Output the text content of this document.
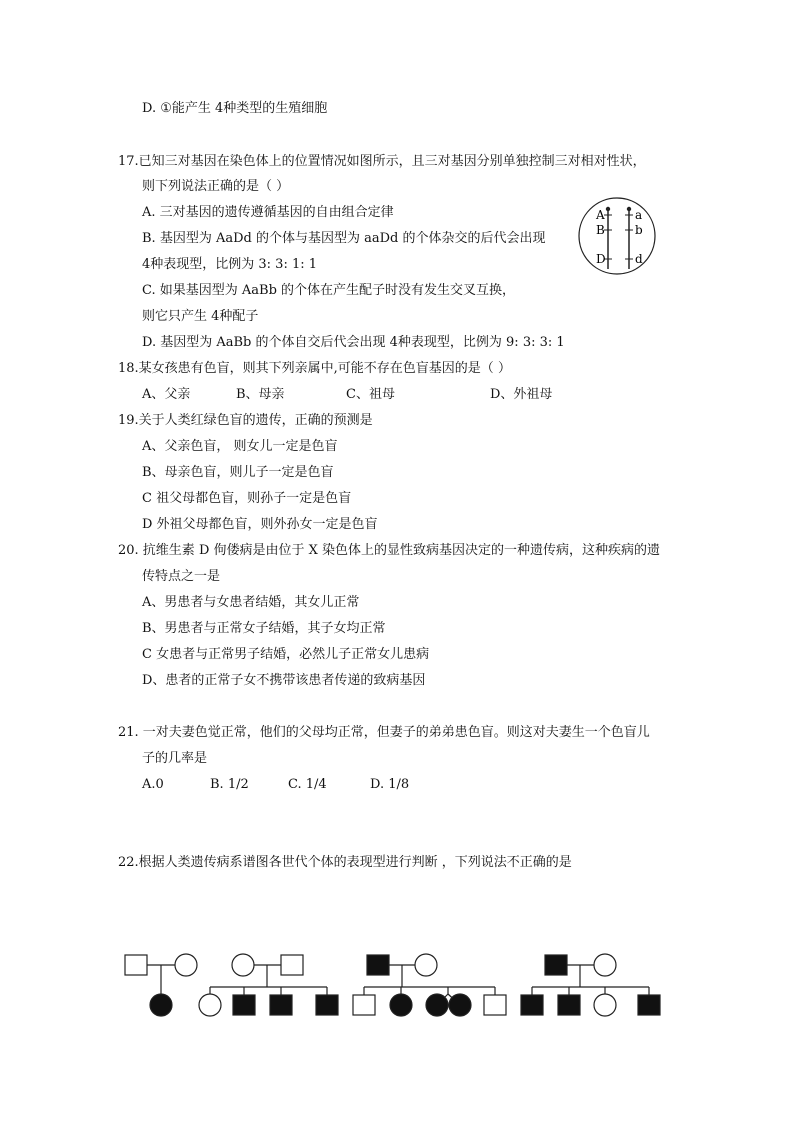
D. ①能产生 4种类型的生殖细胞
17.已知三对基因在染色体上的位置情况如图所示，且三对基因分别单独控制三对相对性状，
则下列说法正确的是（ ）
A. 三对基因的遗传遵循基因的自由组合定律
B. 基因型为 AaDd 的个体与基因型为 aaDd 的个体杂交的后代会出现
4种表现型，比例为 3: 3: 1: 1
C. 如果基因型为 AaBb 的个体在产生配子时没有发生交叉互换，
则它只产生 4种配子
D. 基因型为 AaBb 的个体自交后代会出现 4种表现型，比例为 9: 3: 3: 1
A
B
D
a
b
d
18.某女孩患有色盲，则其下列亲属中,可能不存在色盲基因的是（ ）
A、父亲	B、母亲	C、祖母	D、外祖母
19.关于人类红绿色盲的遗传，正确的预测是
A、父亲色盲， 则女儿一定是色盲
B、母亲色盲，则儿子一定是色盲
C 祖父母都色盲，则孙子一定是色盲
D 外祖父母都色盲，则外孙女一定是色盲
20. 抗维生素 D 佝偻病是由位于 X 染色体上的显性致病基因决定的一种遗传病，这种疾病的遗
传特点之一是
A、男患者与女患者结婚，其女儿正常
B、男患者与正常女子结婚，其子女均正常
C 女患者与正常男子结婚，必然儿子正常女儿患病
D、患者的正常子女不携带该患者传递的致病基因
21. 一对夫妻色觉正常，他们的父母均正常，但妻子的弟弟患色盲。则这对夫妻生一个色盲儿
子的几率是
A.0	B. 1/2	C. 1/4	D. 1/8
22.根据人类遗传病系谱图各世代个体的表现型进行判断 ，下列说法不正确的是
